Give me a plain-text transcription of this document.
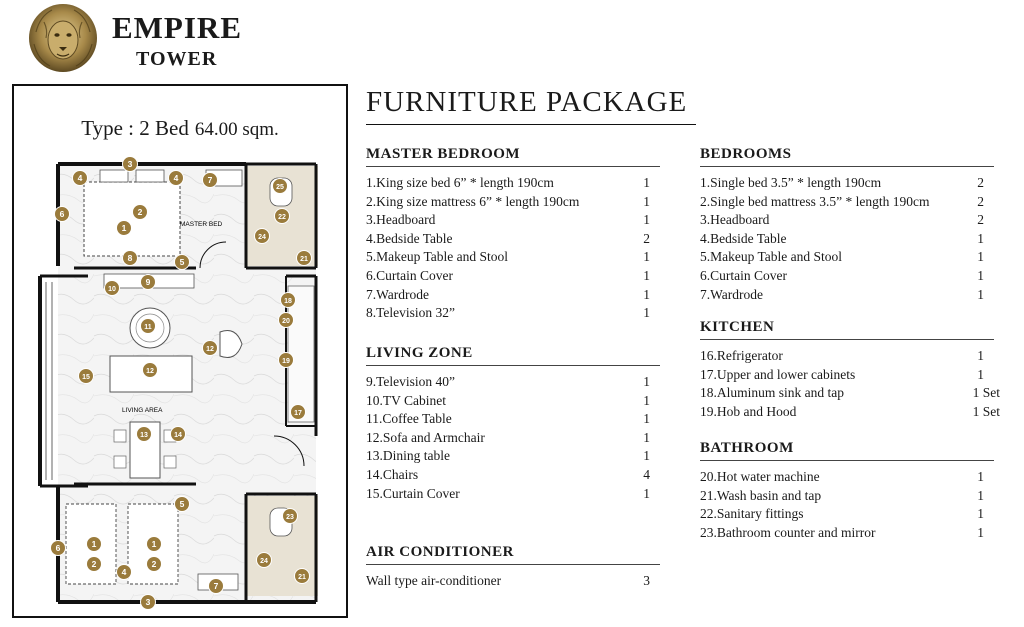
EMPIRE
TOWER
Type : 2 Bed 64.00 sqm.
MASTER BED
LIVING AREA
1
1	1
2
2	2
3
3
4	4
4
5
5
6
6
7
7
8
9
10
11
12
12
13	14
15
17
18
19
20
21
21
22
23
24
24
25
FURNITURE PACKAGE
MASTER BEDROOM
1.King size bed 6” * length 190cm	1
2.King size mattress 6” * length 190cm	1
3.Headboard	1
4.Bedside Table	2
5.Makeup Table and Stool	1
6.Curtain Cover	1
7.Wardrode	1
8.Television 32”	1
LIVING ZONE
9.Television 40”	1
10.TV Cabinet	1
11.Coffee Table	1
12.Sofa and Armchair	1
13.Dining table	1
14.Chairs	4
15.Curtain Cover	1
AIR CONDITIONER
Wall type air-conditioner	3
BEDROOMS
1.Single bed 3.5” * length 190cm	2
2.Single bed mattress 3.5” * length 190cm	2
3.Headboard	2
4.Bedside Table	1
5.Makeup Table and Stool	1
6.Curtain Cover	1
7.Wardrode	1
KITCHEN
16.Refrigerator	1
17.Upper and lower cabinets	1
18.Aluminum sink and tap	1 Set
19.Hob and Hood	1 Set
BATHROOM
20.Hot water machine	1
21.Wash basin and tap	1
22.Sanitary fittings	1
23.Bathroom counter and mirror	1
